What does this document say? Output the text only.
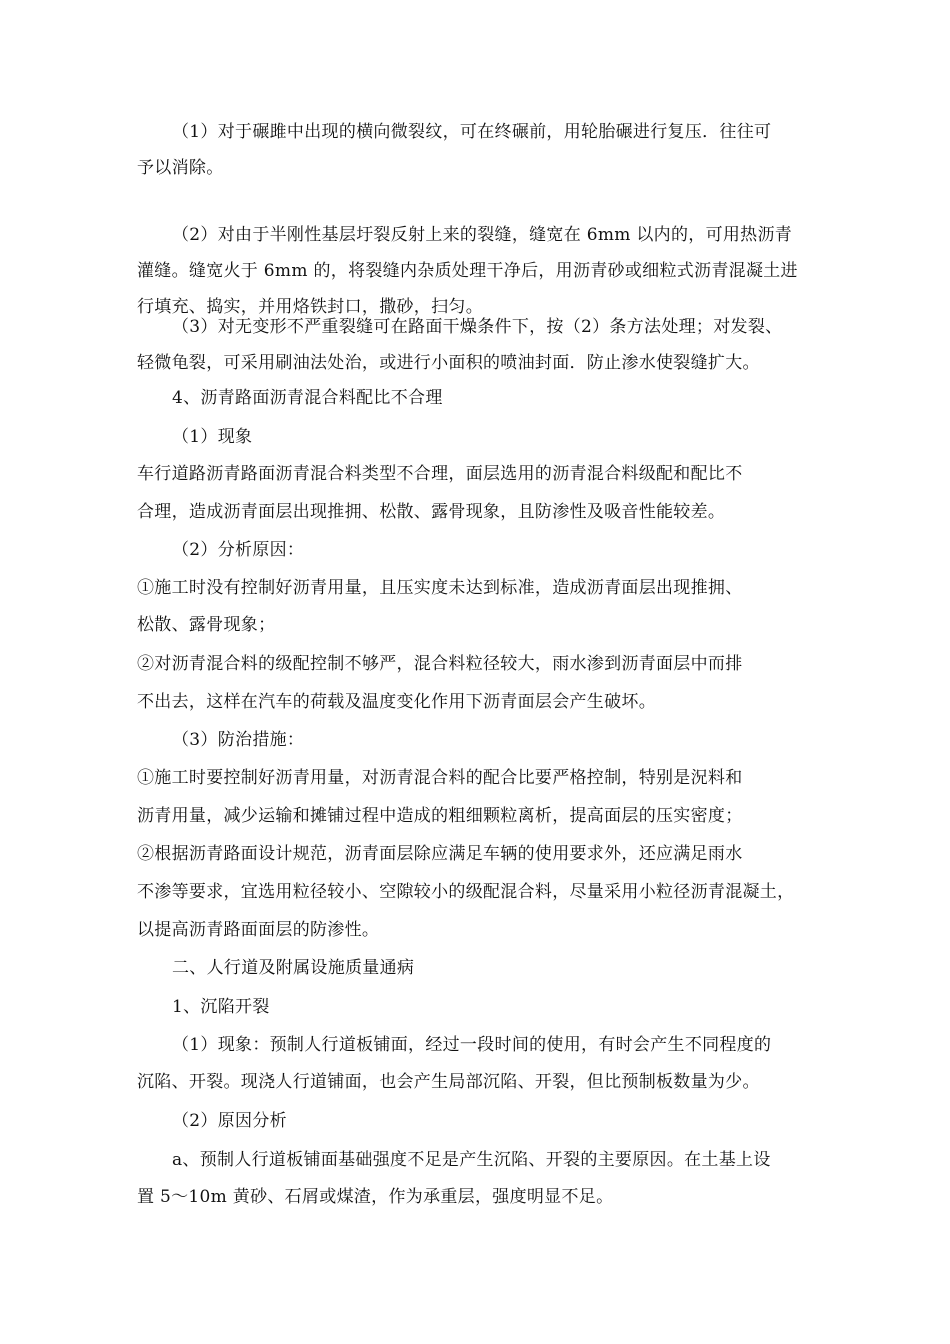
（1）对于碾雎中出现的横向微裂纹，可在终碾前，用轮胎碾进行复压．往往可
予以消除。
（2）对由于半刚性基层圩裂反射上来的裂缝，缝宽在 6mm 以内的，可用热沥青
灌缝。缝宽火于 6mm 的，将裂缝内杂质处理干净后，用沥青砂或细粒式沥青混凝土进
行填充、捣实，并用烙铁封口，撒砂，扫匀。
（3）对无变形不严重裂缝可在路面干燥条件下，按（2）条方法处理；对发裂、
轻微龟裂，可采用刷油法处治，或进行小面积的喷油封面．防止渗水使裂缝扩大。
4、沥青路面沥青混合料配比不合理
（1）现象
车行道路沥青路面沥青混合料类型不合理，面层选用的沥青混合料级配和配比不
合理，造成沥青面层出现推拥、松散、露骨现象，且防渗性及吸音性能较差。
（2）分析原因：
①施工时没有控制好沥青用量，且压实度未达到标准，造成沥青面层出现推拥、
松散、露骨现象；
②对沥青混合料的级配控制不够严，混合料粒径较大，雨水渗到沥青面层中而排
不出去，这样在汽车的荷载及温度变化作用下沥青面层会产生破坏。
（3）防治措施：
①施工时要控制好沥青用量，对沥青混合料的配合比要严格控制，特别是況料和
沥青用量，减少运输和摊铺过程中造成的粗细颗粒离析，提高面层的压实密度；
②根据沥青路面设计规范，沥青面层除应满足车辆的使用要求外，还应满足雨水
不渗等要求，宜选用粒径较小、空隙较小的级配混合料，尽量采用小粒径沥青混凝土，
以提高沥青路面面层的防渗性。
二、人行道及附属设施质量通病
1、沉陷开裂
（1）现象：预制人行道板铺面，经过一段时间的使用，有时会产生不同程度的
沉陷、开裂。现浇人行道铺面，也会产生局部沉陷、开裂，但比预制板数量为少。
（2）原因分析
a、预制人行道板铺面基础强度不足是产生沉陷、开裂的主要原因。在土基上设
置 5～10m 黄砂、石屑或煤渣，作为承重层，强度明显不足。
